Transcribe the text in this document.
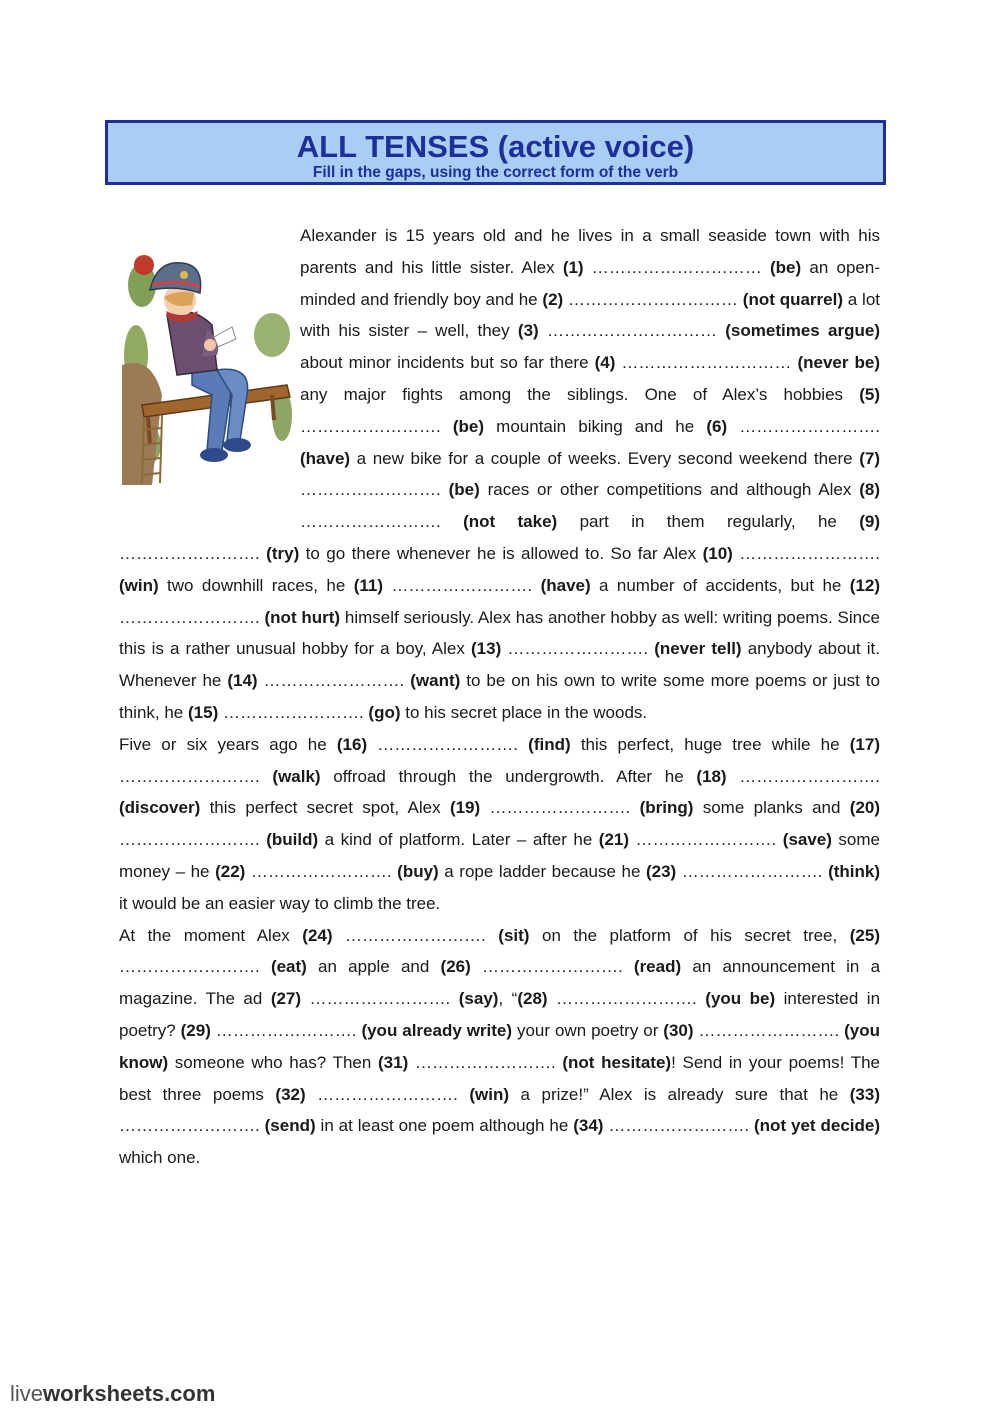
ALL TENSES (active voice)
Fill in the gaps, using the correct form of the verb

Alexander is 15 years old and he lives in a small seaside town with his parents and his little sister. Alex (1) ………………………… (be) an open-minded and friendly boy and he (2) ………………………… (not quarrel) a lot with his sister – well, they (3) ………………………… (sometimes argue) about minor incidents but so far there (4) ………………………… (never be) any major fights among the siblings. One of Alex’s hobbies (5) ……………………. (be) mountain biking and he (6) ……………………. (have) a new bike for a couple of weeks. Every second weekend there (7) ……………………. (be) races or other competitions and although Alex (8) ……………………. (not take) part in them regularly, he (9) ……………………. (try) to go there whenever he is allowed to. So far Alex (10) ……………………. (win) two downhill races, he (11) ……………………. (have) a number of accidents, but he (12) ……………………. (not hurt) himself seriously. Alex has another hobby as well: writing poems. Since this is a rather unusual hobby for a boy, Alex (13) ……………………. (never tell) anybody about it. Whenever he (14) ……………………. (want) to be on his own to write some more poems or just to think, he (15) ……………………. (go) to his secret place in the woods.

Five or six years ago he (16) ……………………. (find) this perfect, huge tree while he (17) ……………………. (walk) offroad through the undergrowth. After he (18) ……………………. (discover) this perfect secret spot, Alex (19) ……………………. (bring) some planks and (20) ……………………. (build) a kind of platform. Later – after he (21) ……………………. (save) some money – he (22) ……………………. (buy) a rope ladder because he (23) ……………………. (think) it would be an easier way to climb the tree.

At the moment Alex (24) ……………………. (sit) on the platform of his secret tree, (25) ……………………. (eat) an apple and (26) ……………………. (read) an announcement in a magazine. The ad (27) ……………………. (say), “(28) ……………………. (you be) interested in poetry? (29) ……………………. (you already write) your own poetry or (30) ……………………. (you know) someone who has? Then (31) ……………………. (not hesitate)! Send in your poems! The best three poems (32) ……………………. (win) a prize!” Alex is already sure that he (33) ……………………. (send) in at least one poem although he (34) ……………………. (not yet decide) which one.

liveworksheets.com
